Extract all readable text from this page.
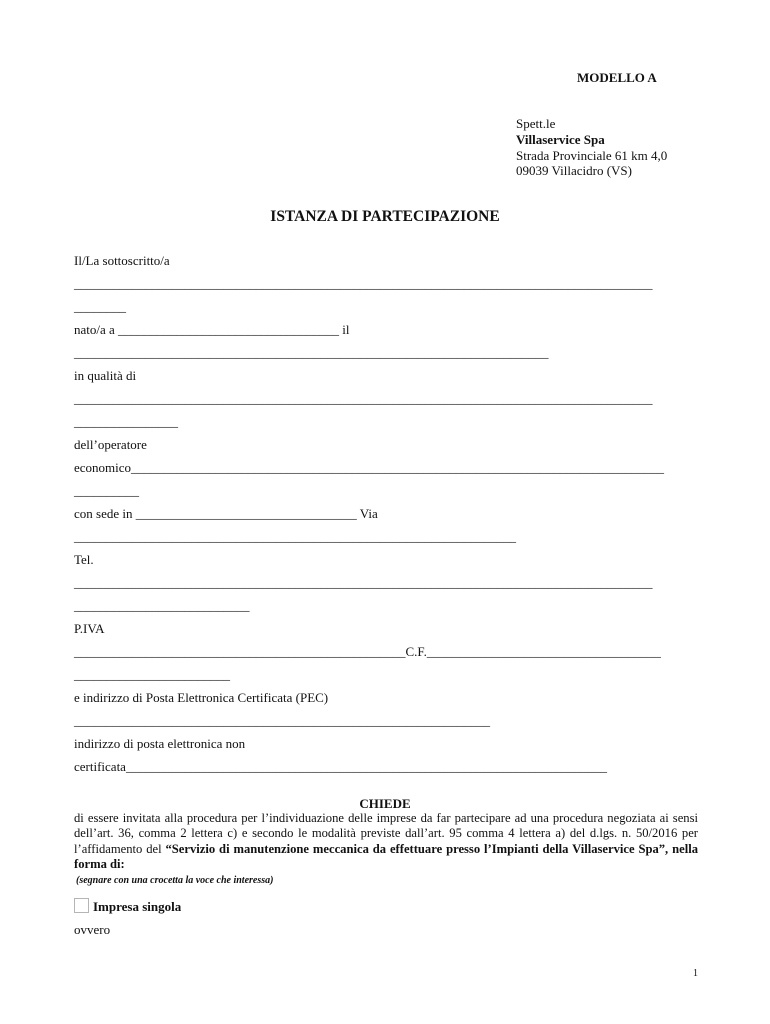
MODELLO A
Spett.le
Villaservice Spa
Strada Provinciale 61 km 4,0
09039 Villacidro (VS)
ISTANZA DI PARTECIPAZIONE
Il/La sottoscritto/a
_________________________________________________________________________________________
________
nato/a a __________________________________ il
_________________________________________________________________________
in qualità di
_________________________________________________________________________________________
________________
dell’operatore
economico__________________________________________________________________________________
__________
con sede in __________________________________ Via
____________________________________________________________________
Tel.
_________________________________________________________________________________________
___________________________
P.IVA
___________________________________________________C.F.____________________________________
________________________
e indirizzo di Posta Elettronica Certificata (PEC)
________________________________________________________________
indirizzo di posta elettronica non
certificata__________________________________________________________________________
CHIEDE
di essere invitata alla procedura per l’individuazione delle imprese da far partecipare ad una procedura negoziata ai sensi dell’art. 36, comma 2 lettera c) e secondo le modalità previste dall’art. 95 comma 4 lettera a) del d.lgs. n. 50/2016 per l’affidamento del “Servizio di manutenzione meccanica da effettuare presso l’Impianti della Villaservice Spa”, nella forma di:
(segnare con una crocetta la voce che interessa)
Impresa singola
ovvero
1
